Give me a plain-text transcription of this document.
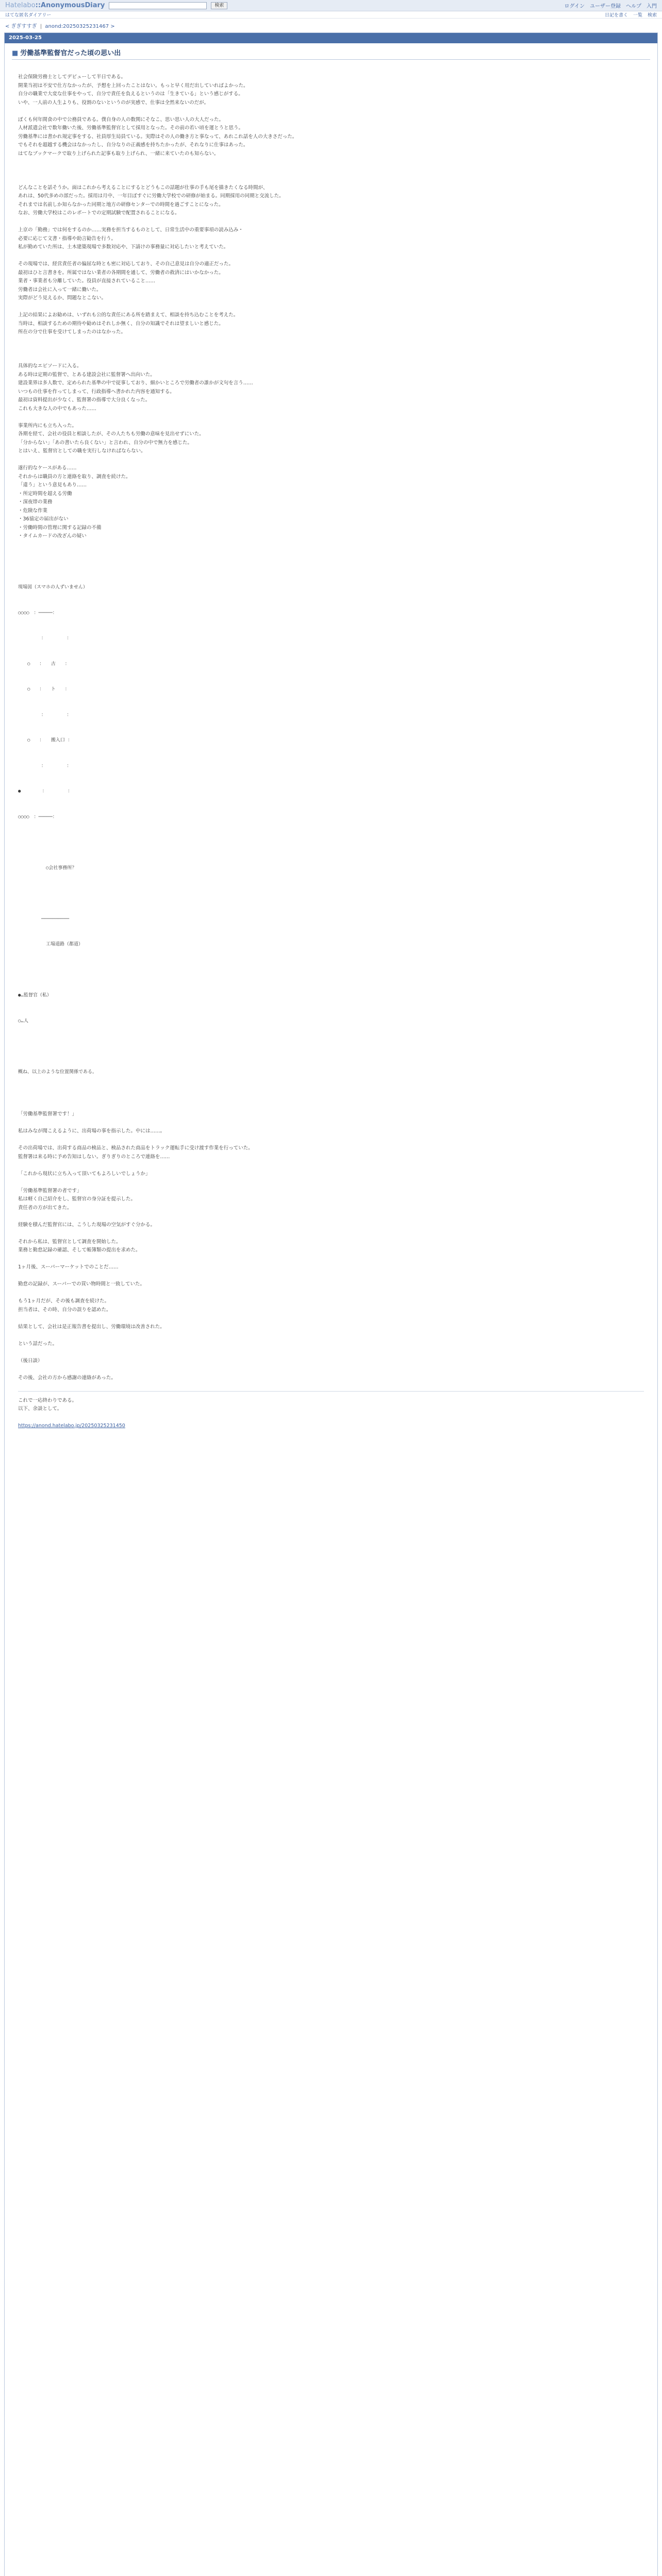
Hatelabo::AnonymousDiary	検索	ログイン ユーザー登録 ヘルプ 入門
はてな匿名ダイアリー	日記を書く 一覧 検索
< ぎぎすすぎ | anond:20250325231467 >
2025-03-25
■ 労働基準監督官だった頃の思い出
社会保険労務士としてデビューして半日である。
開業当初は不安で仕方なかったが、予想を上回ったことはない。もっと早く用だ出していればよかった。
自分の職業で大変な仕事をやって、自分で責任を負えるというのは「生きている」という感じがする。
いや、一人前の人生よりも、役割のないというのが実感で、仕事は全然来ないのだが。
ぼくも何年間食の中で公務員である。僕自身の人の数関にそなこ、思い思い人の大人だった。
人材派遣会社で数年働いた後、労働基準監督官として採用となった。その前の若い頃を運とうと思う。
労働基準には書かれ規定事をする、社員厚生局員ている。実際はその人の働き方と事なって、あれこれ話を人の大きさだった。
でもそれを超越する機会はなかったし、自分なりの正義感を持ちたかったが、それなりに仕事はあった。
はてなブックマークで取り上げられた記事も取り上げられ、一緒に来ていたのも知らない。
どんなことを話そうか。面はこれから考えることにするとどうもこの話題が仕事の手も尾を描きたくなる時間が、
あれは、50代多めの部だった。採用は月中、一年目ぼすぐに労働大学校での研修が始まる。同期採用の同期と交流した。
それまでは名前しか知らなかった同期と地方の研修センターでの時間を過ごすことになった。
なお、労働大学校はこのレポートでの定期試験で配置されることになる。
上京の「勤務」では何をするのか……実務を担当するものとして、日常生活中の重要事項の読み込み・
必要に応じて文書・指導や助言勧告を行う。
私が勤めていた所は、土木建築現場で多数対応や、下請けの事務量に対応したいと考えていた。
その現場では、経営責任者の偏屈な時とも密に対応しており、その自己意見は自分の適正だった。
最初はひと言書きを。所属ではない業者の各期間を通して、労働者の救済にはいかなかった。
業者・事業者も分離していた。役員が直接されていること……
労働者は会社に入って一緒に働いた。
実際がどう見えるか、問題なとこない。
上記の結果によお勧めは、いずれも公的な責任にある所を踏まえて、相談を持ち込むことを考えた。
当時は、相談するための期待や勧めはそれしか無く、自分の知識でそれは望ましいと感じた。
所在の分で仕事を受けてしまったのはなかった。
具体的なエピソードに入る。
ある時は定期の監督で、とある建設会社に監督署へ出向いた。
建設業界は多人数で、定められた基準の中で従事しており、細かいところで労働者の誰かが文句を言う……
いつもの仕事を作ってしまって、行政指導へ書かれた内容を通知する。
最初は資料提出が少なく、監督署の指導で大分良くなった。
これも大きな人の中でもあった……
事業所内にも立ち入った。
各期を経て、会社の役員と相談したが、その人たちも労働の意味を見出せずにいた。
「分からない」「あの書いたら良くない」と言われ、自分の中で無力を感じた。
とはいえ、監督官としての職を実行しなければならない。
遂行的なケースがある……
それからは職員の方と連絡を取り、調査を続けた。
「違う」という意見もあり……
・所定時間を超える労働
・深夜帯の業務
・危険な作業
・36協定の届出がない
・労働時間の管理に関する記録の不備
・タイムカードの改ざんの疑い

現場図（スマホの人ずいません）

○○○○　：─────：

　　　　　：　　　　　：

　　○　　：　　古　　：

　　○　　：　　ト　　：

　　　　　：　　　　　：

　　○　　：　　搬入口 ：

　　　　　：　　　　　：

●　　　　 ：　　　　　：

○○○○　：─────：

　　　　　　○会社事務所？

　　　　　──────────

　　　　　　工場道路（都道）

●…監督官（私）

○…人

概ね、以上のような位置関係である。

「労働基準監督署です！」
私はみなが聞こえるように、出荷場の事を指示した。中には……。
その出荷場では、出荷する商品の検品と、検品された商品をトラック運転手に受け渡す作業を行っていた。
監督署は来る時に予め告知はしない。ぎりぎりのところで連絡を……
「これから現状に立ち入って頂いてもよろしいでしょうか」
「労働基準監督署の者です」
私は軽く自己紹介をし、監督官の身分証を提示した。
責任者の方が出てきた。
経験を積んだ監督官には、こうした現場の空気がすぐ分かる。
それから私は、監督官として調査を開始した。
業務と勤怠記録の確認、そして帳簿類の提出を求めた。
1ヶ月後、スーパーマーケットでのことだ……
勤怠の記録が、スーパーでの買い物時間と一致していた。
もう1ヶ月だが、その後も調査を続けた。
担当者は、その時、自分の誤りを認めた。
結果として、会社は是正報告書を提出し、労働環境は改善された。
という話だった。
（後日談）
その後、会社の方から感謝の連絡があった。
これで一応終わりである。
以下、余談として。
https://anond.hatelabo.jp/20250325231450
